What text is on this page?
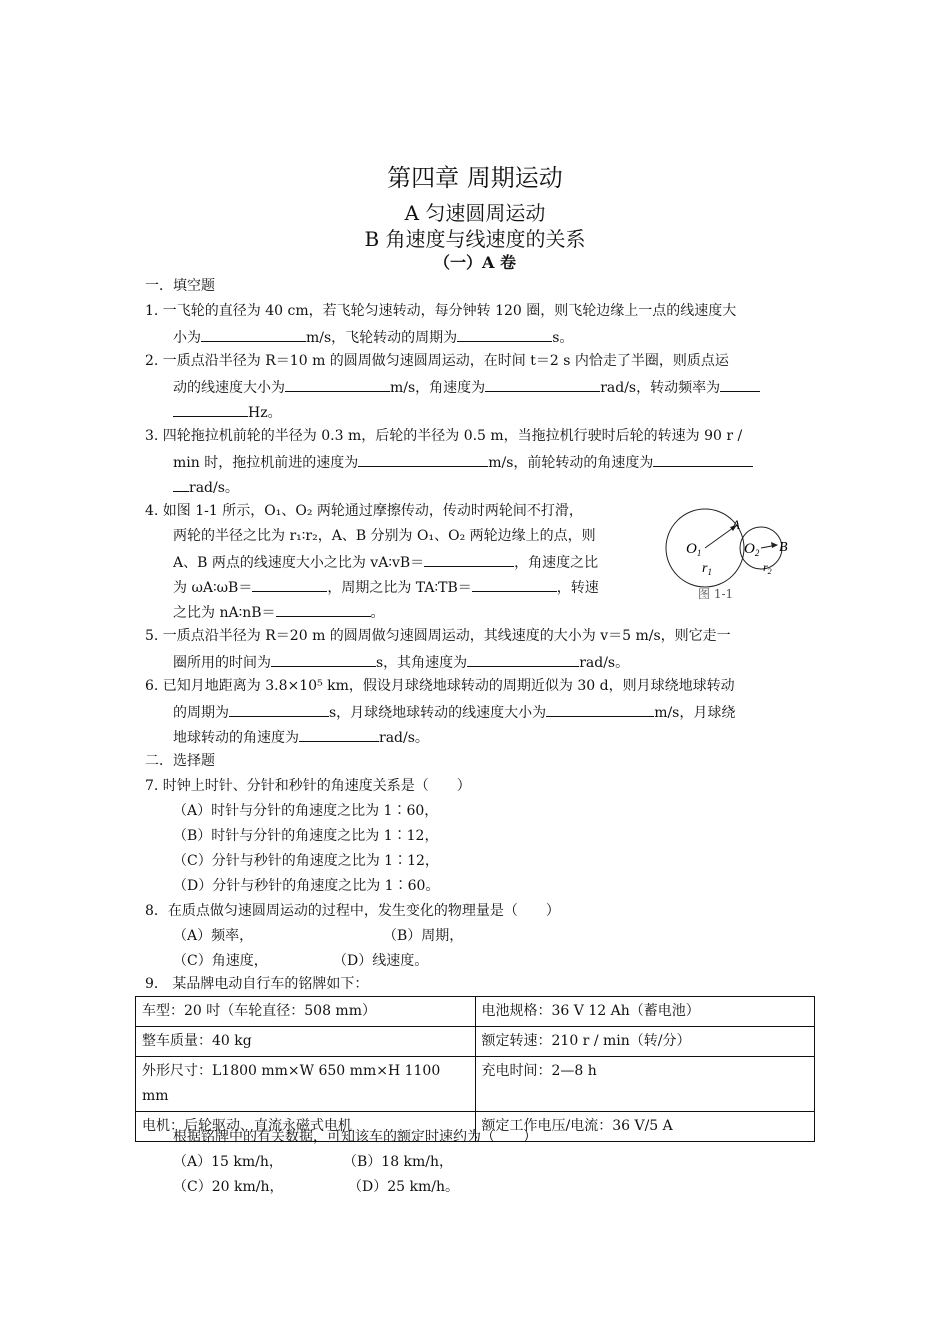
第四章 周期运动
A 匀速圆周运动
B 角速度与线速度的关系
（一）A 卷
一．填空题
1. 一飞轮的直径为 40 cm，若飞轮匀速转动，每分钟转 120 圈，则飞轮边缘上一点的线速度大
小为	m/s，飞轮转动的周期为	s。
2. 一质点沿半径为 R＝10 m 的圆周做匀速圆周运动，在时间 t＝2 s 内恰走了半圈，则质点运
动的线速度大小为	m/s，角速度为	rad/s，转动频率为
Hz。
3. 四轮拖拉机前轮的半径为 0.3 m，后轮的半径为 0.5 m，当拖拉机行驶时后轮的转速为 90 r /
min 时，拖拉机前进的速度为	m/s，前轮转动的角速度为
rad/s。
4. 如图 1-1 所示，O₁、O₂ 两轮通过摩擦传动，传动时两轮间不打滑，
两轮的半径之比为 r₁∶r₂，A、B 分别为 O₁、O₂ 两轮边缘上的点，则
A、B 两点的线速度大小之比为 vA∶vB＝	，角速度之比
为 ωA∶ωB＝	，周期之比为 TA∶TB＝	，转速
之比为 nA∶nB＝	。
$O_1$	$O_2$
A
B
$r_1$	$r_2$
图 1-1
5. 一质点沿半径为 R＝20 m 的圆周做匀速圆周运动，其线速度的大小为 v＝5 m/s，则它走一
圈所用的时间为	s，其角速度为	rad/s。
6. 已知月地距离为 3.8×10⁵ km，假设月球绕地球转动的周期近似为 30 d，则月球绕地球转动
的周期为	s，月球绕地球转动的线速度大小为	m/s，月球绕
地球转动的角速度为	rad/s。
二．选择题
7. 时钟上时针、分针和秒针的角速度关系是（　　）
（A）时针与分针的角速度之比为 1∶60，
（B）时针与分针的角速度之比为 1∶12，
（C）分针与秒针的角速度之比为 1∶12，
（D）分针与秒针的角速度之比为 1∶60。
8．在质点做匀速圆周运动的过程中，发生变化的物理量是（　　）
（A）频率，	（B）周期，
（C）角速度，	（D）线速度。
9． 某品牌电动自行车的铭牌如下：
车型：20 吋（车轮直径：508 mm）	电池规格：36 V 12 Ah（蓄电池）
整车质量：40 kg	额定转速：210 r / min（转/分）
外形尺寸：L1800 mm×W 650 mm×H 1100 mm	充电时间：2—8 h
电机：后轮驱动、直流永磁式电机	额定工作电压/电流：36 V/5 A
根据铭牌中的有关数据，可知该车的额定时速约为（　　）
（A）15 km/h，	（B）18 km/h，
（C）20 km/h，	（D）25 km/h。
